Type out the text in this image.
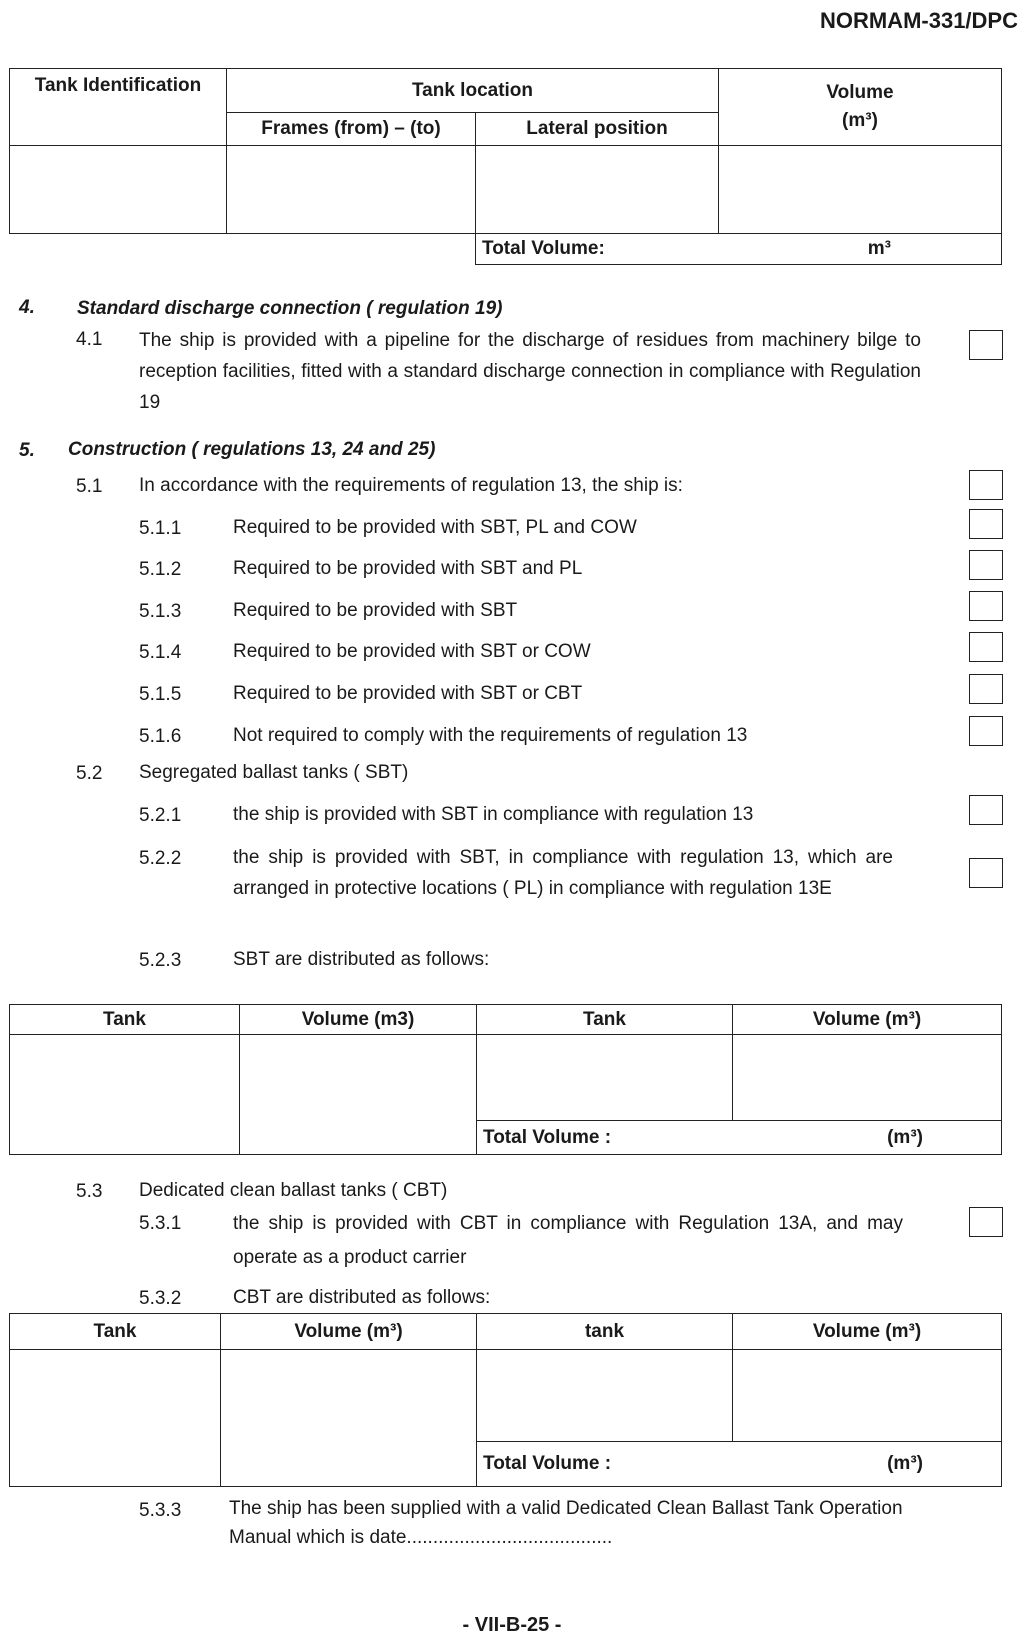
NORMAM-331/DPC
Tank Identification	Tank location		Volume
(m³)

	Frames (from) – (to)	Lateral position	

		Total Volume: m³	
4. Standard discharge connection ( regulation 19)
4.1 The ship is provided with a pipeline for the discharge of residues from machinery bilge to reception facilities, fitted with a standard discharge connection in compliance with Regulation 19
5. Construction ( regulations 13, 24 and 25)
5.1 In accordance with the requirements of regulation 13, the ship is:
5.1.1	Required to be provided with SBT, PL and COW
5.1.2	Required to be provided with SBT and PL
5.1.3	Required to be provided with SBT
5.1.4	Required to be provided with SBT or COW
5.1.5	Required to be provided with SBT or CBT
5.1.6	Not required to comply with the requirements of regulation 13
5.2 Segregated ballast tanks ( SBT)
5.2.1	the ship is provided with SBT in compliance with regulation 13
5.2.2	the ship is provided with SBT, in compliance with regulation 13, which are arranged in protective locations ( PL) in compliance with regulation 13E
5.2.3	SBT are distributed as follows:
Tank	Volume (m3)	Tank	Volume (m³)

		Total Volume : (m³)	
5.3 Dedicated clean ballast tanks ( CBT)
5.3.1	the ship is provided with CBT in compliance with Regulation 13A, and may operate as a product carrier
5.3.2	CBT are distributed as follows:
Tank	Volume (m³)	tank	Volume (m³)

		Total Volume : (m³)	
5.3.3	The ship has been supplied with a valid Dedicated Clean Ballast Tank Operation Manual which is date.......................................
- VII-B-25 -
